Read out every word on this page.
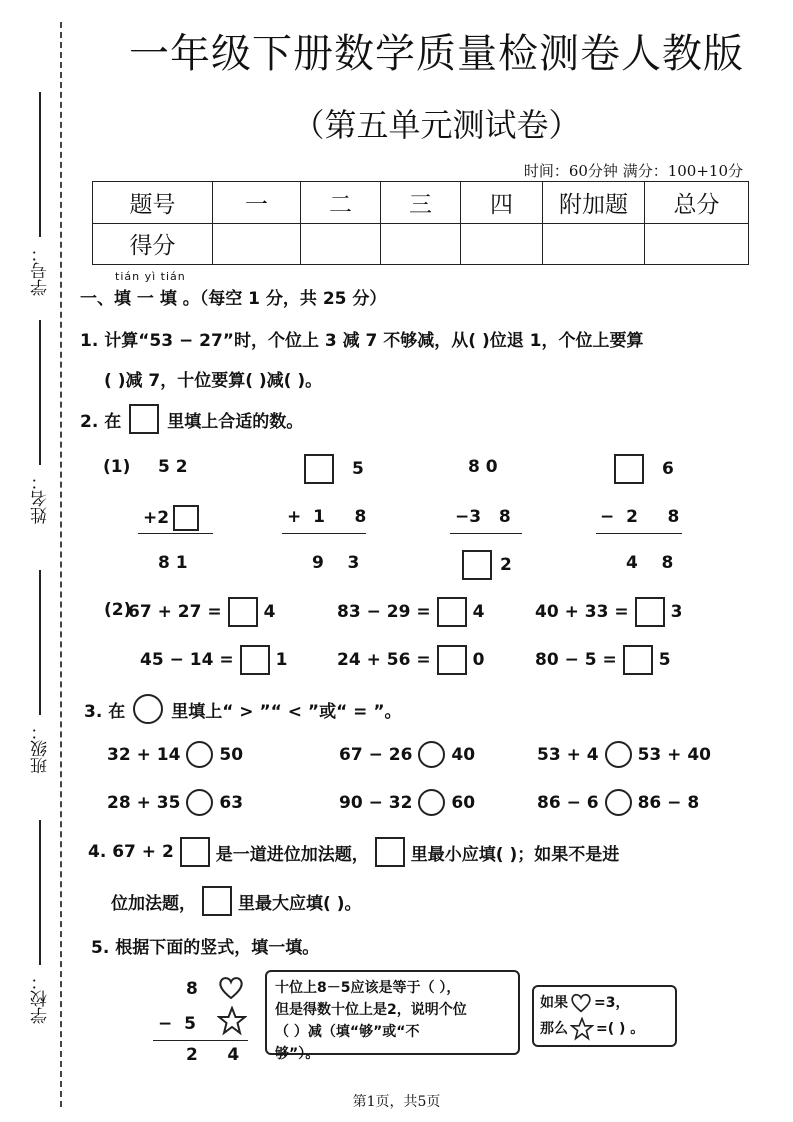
学号：
姓名：
班级：
学校：
一年级下册数学质量检测卷人教版
（第五单元测试卷）
时间：60分钟 满分：100+10分
题号	一	二	三	四	附加题	总分
得分						
tián yì tián
一、填 一 填 。（每空 1 分，共 25 分）
1. 计算“53 − 27”时，个位上 3 减 7 不够减，从( )位退 1，个位上要算
( )减 7，十位要算( )减( )。
2. 在	里填上合适的数。
(1) 5 2
+2
8 1
5
+  1     8
9    3
8 0
−3   8
2
6
−  2     8
4    8
(2)
67 + 27 = 4	83 − 29 = 4	40 + 33 = 3
45 − 14 = 1	24 + 56 = 0	80 − 5 = 5
3. 在	里填上“ > ”“ < ”或“ = ”。
32 + 14 50	67 − 26 40	53 + 4 53 + 40
28 + 35 63	90 − 32 60	86 − 6 86 − 8
4. 67 + 2 是一道进位加法题， 里最小应填( )；如果不是进
位加法题， 里最大应填( )。
5. 根据下面的竖式，填一填。
8
−  5
2     4
十位上8－5应该是等于（ ），
但是得数十位上是2，说明个位
（ ）减（填“够”或“不
够”）。
如果 =3，
那么 =( ) 。
第1页，共5页
